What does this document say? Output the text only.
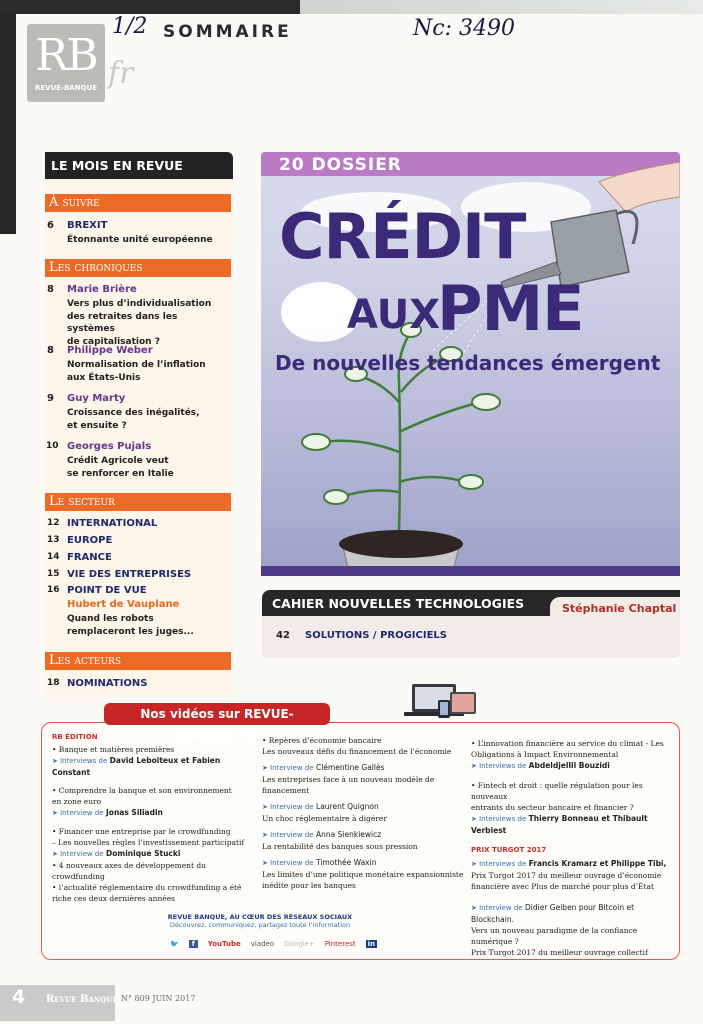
RB
REVUE-BANQUE fr
1/2 SOMMAIRE	Nc: 3490
LE MOIS EN REVUE
À suivre
6 BREXIT
Étonnante unité européenne
Les chroniques
8 Marie Brière
Vers plus d’individualisation
des retraites dans les systèmes
de capitalisation ?
8 Philippe Weber
Normalisation de l’inflation
aux États-Unis
9 Guy Marty
Croissance des inégalités,
et ensuite ?
10 Georges Pujals
Crédit Agricole veut
se renforcer en Italie
Le secteur
12 INTERNATIONAL
13 EUROPE
14 FRANCE
15 VIE DES ENTREPRISES
16 POINT DE VUE
Hubert de Vauplane
Quand les robots
remplaceront les juges...
Les acteurs
18 NOMINATIONS
20 DOSSIER
CRÉDIT
AUX
PME
De nouvelles tendances émergent
CAHIER NOUVELLES TECHNOLOGIES	Stéphanie Chaptal
42 SOLUTIONS / PROGICIELS
Nos vidéos sur REVUE-BANQUE.FR
RB ÉDITION
• Banque et matières premières
➤ Interviews de David Leboiteux et Fabien Constant
• Comprendre la banque et son environnement
en zone euro
➤ Interview de Jonas Siliadin
• Financer une entreprise par le crowdfunding
– Les nouvelles règles l’investissement participatif
➤ Interview de Dominique Stucki
• 4 nouveaux axes de développement du crowdfunding
• l’actualité réglementaire du crowdfunding a été
riche ces deux dernières années
• Repères d’économie bancaire
Les nouveaux défis du financement de l’économie
➤ Interview de Clémentine Gallès
Les entreprises face à un nouveau modèle de financement
➤ Interview de Laurent Quignon
Un choc réglementaire à digérer
➤ Interview de Anna Sienkiewicz
La rentabilité des banques sous pression
➤ Interview de Timothée Waxin
Les limites d’une politique monétaire expansionniste
inédite pour les banques
• L’innovation financière au service du climat - Les
Obligations à Impact Environnemental
➤ Interviews de Abdeldjellil Bouzidi
• Fintech et droit : quelle régulation pour les nouveaux
entrants du secteur bancaire et financier ?
➤ Interviews de Thierry Bonneau et Thibault Verbiest
PRIX TURGOT 2017
➤ Interviews de Francis Kramarz et Philippe Tibi,
Prix Turgot 2017 du meilleur ouvrage d’économie
financière avec Plus de marché pour plus d’État
➤ Interview de Didier Geiben pour Bitcoin et Blockchain.
Vers un nouveau paradigme de la confiance numérique ?
Prix Turgot 2017 du meilleur ouvrage collectif
REVUE BANQUE, AU CŒUR DES RÉSEAUX SOCIAUX
Découvrez, communiquez, partagez toute l’information
🐦	f	YouTube viadeo Google+ Pinterest in
4 Revue Banque N° 809 JUIN 2017
